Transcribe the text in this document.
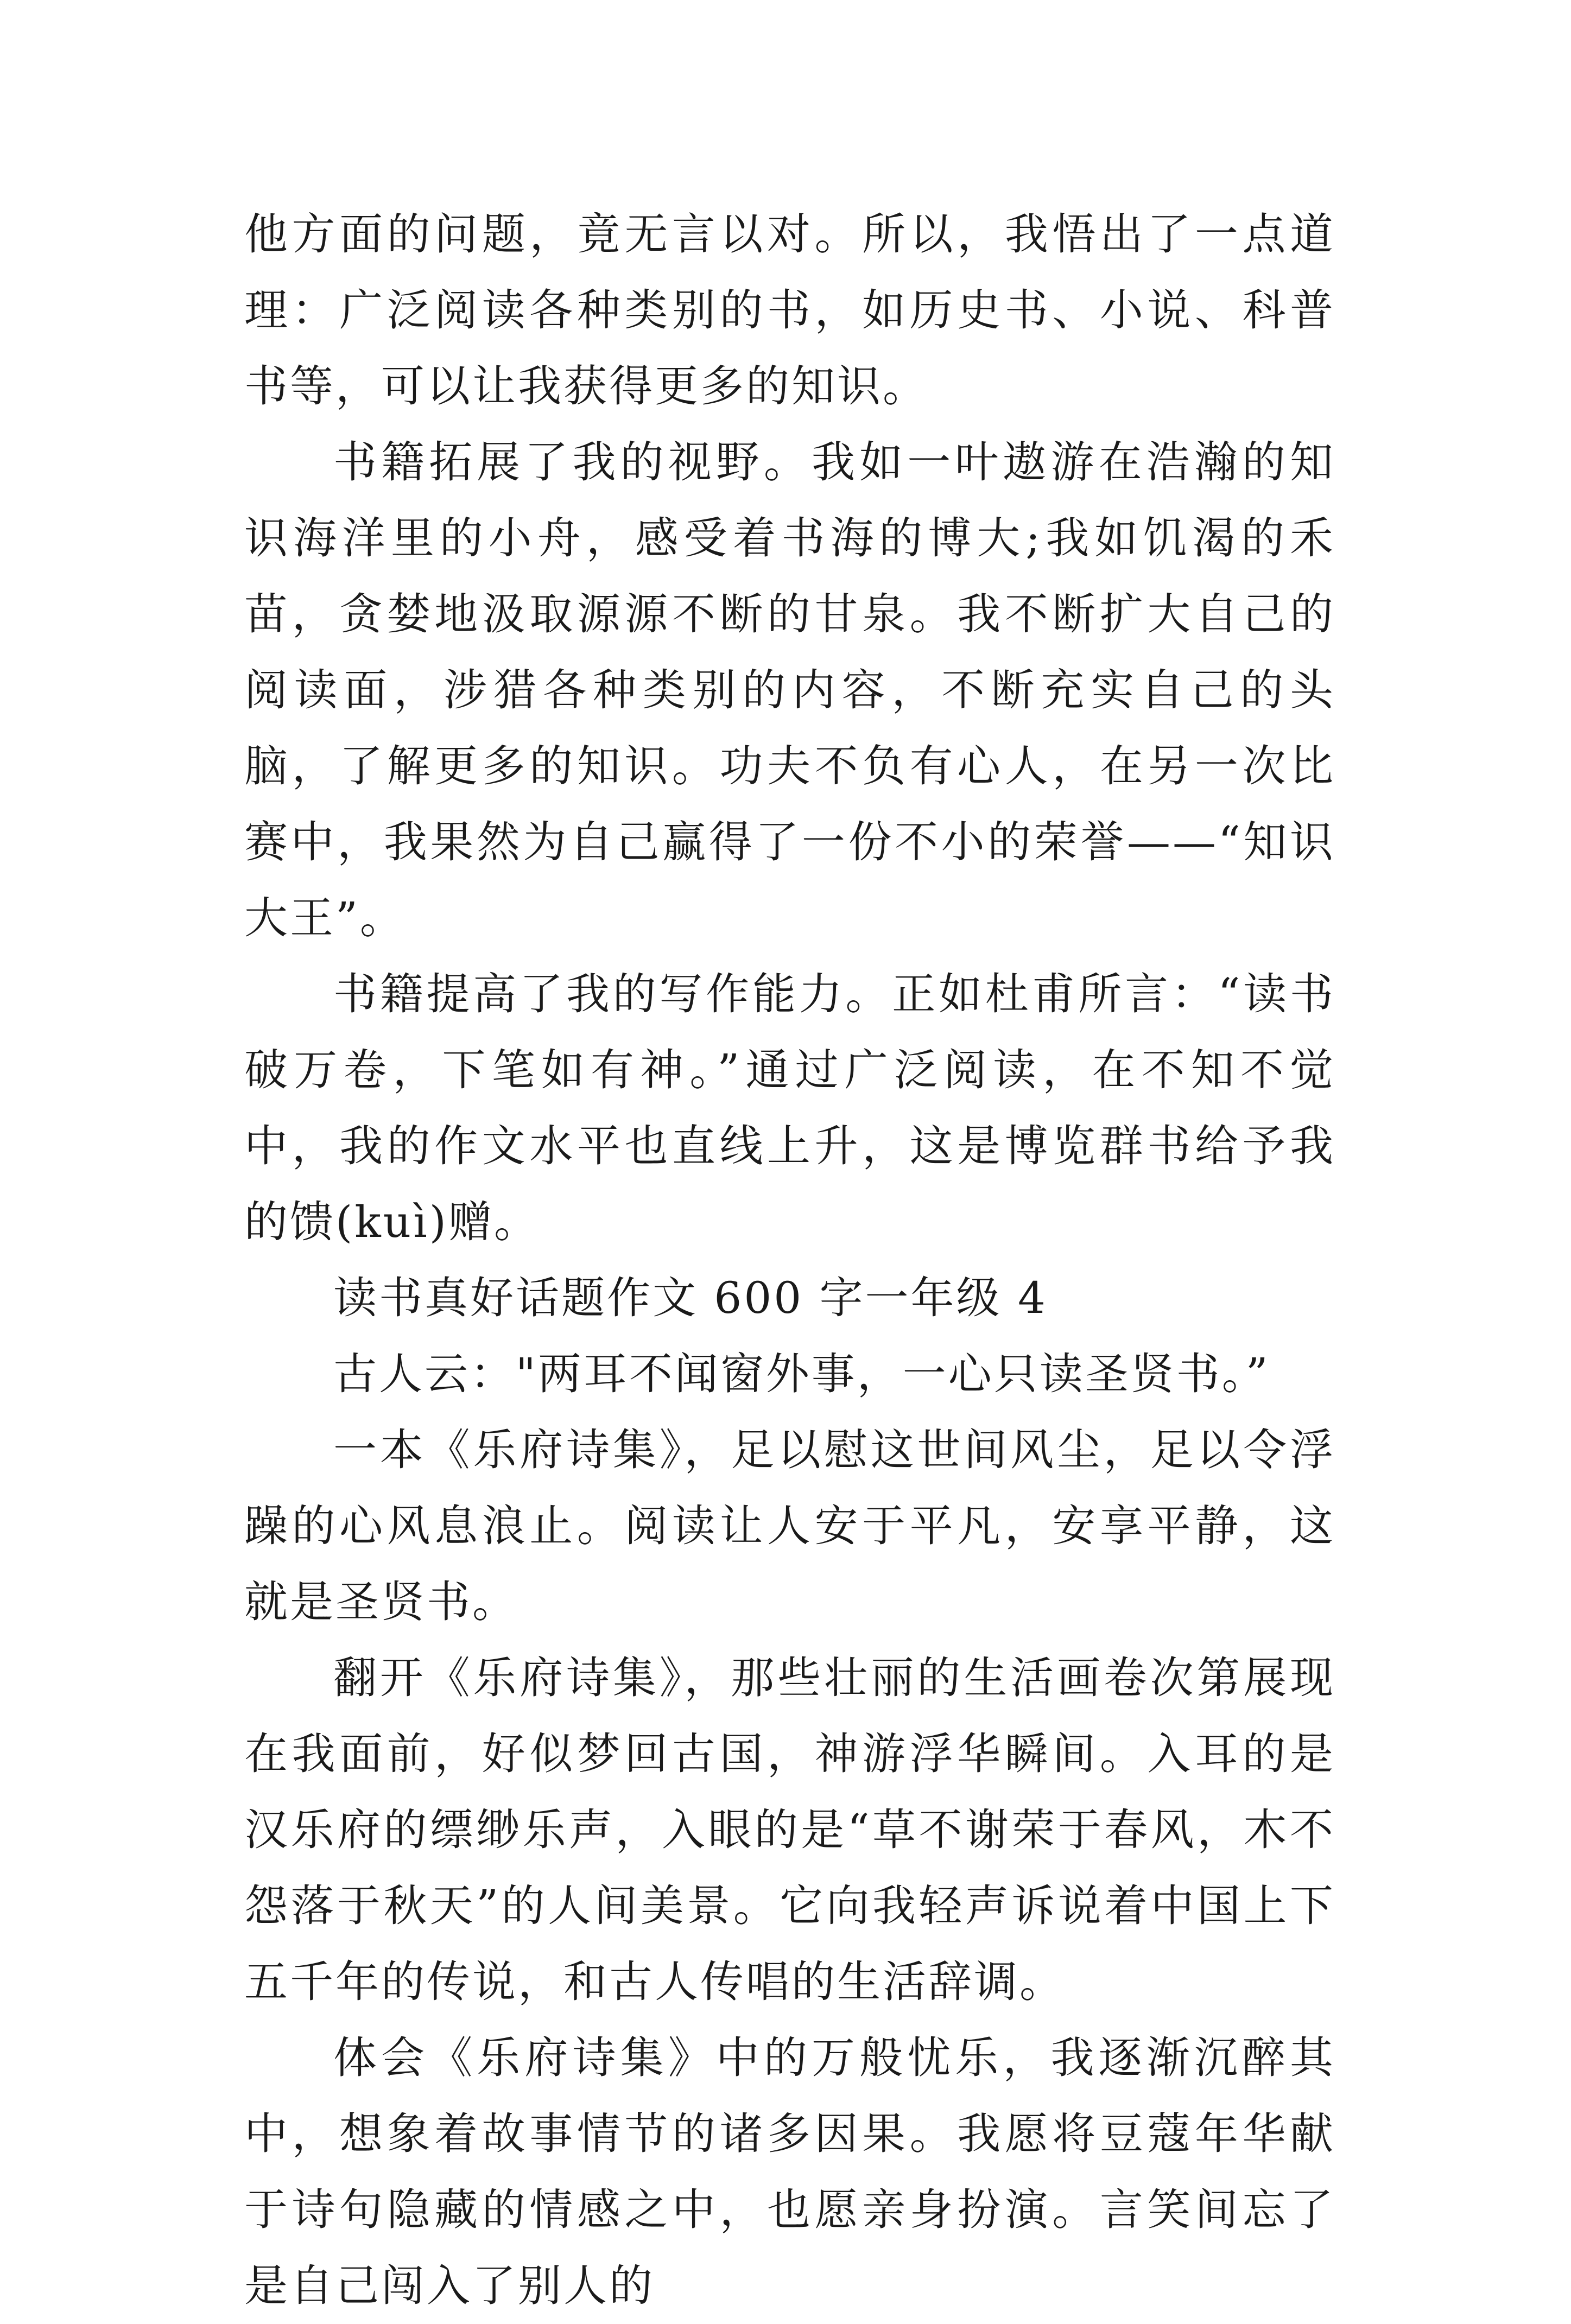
他方面的问题，竟无言以对。所以，我悟出了一点道理：广泛阅读各种类别的书，如历史书、小说、科普书等，可以让我获得更多的知识。

书籍拓展了我的视野。我如一叶遨游在浩瀚的知识海洋里的小舟，感受着书海的博大;我如饥渴的禾苗，贪婪地汲取源源不断的甘泉。我不断扩大自己的阅读面，涉猎各种类别的内容，不断充实自己的头脑，了解更多的知识。功夫不负有心人，在另一次比赛中，我果然为自己赢得了一份不小的荣誉——“知识大王”。

书籍提高了我的写作能力。正如杜甫所言：“读书破万卷，下笔如有神。”通过广泛阅读，在不知不觉中，我的作文水平也直线上升，这是博览群书给予我的馈(kuì)赠。

读书真好话题作文 600 字一年级 4

古人云："两耳不闻窗外事，一心只读圣贤书。”

一本《乐府诗集》，足以慰这世间风尘，足以令浮躁的心风息浪止。阅读让人安于平凡，安享平静，这就是圣贤书。

翻开《乐府诗集》，那些壮丽的生活画卷次第展现在我面前，好似梦回古国，神游浮华瞬间。入耳的是汉乐府的缥缈乐声，入眼的是“草不谢荣于春风，木不怨落于秋天”的人间美景。它向我轻声诉说着中国上下五千年的传说，和古人传唱的生活辞调。

体会《乐府诗集》中的万般忧乐，我逐渐沉醉其中，想象着故事情节的诸多因果。我愿将豆蔻年华献于诗句隐藏的情感之中，也愿亲身扮演。言笑间忘了是自己闯入了别人的
